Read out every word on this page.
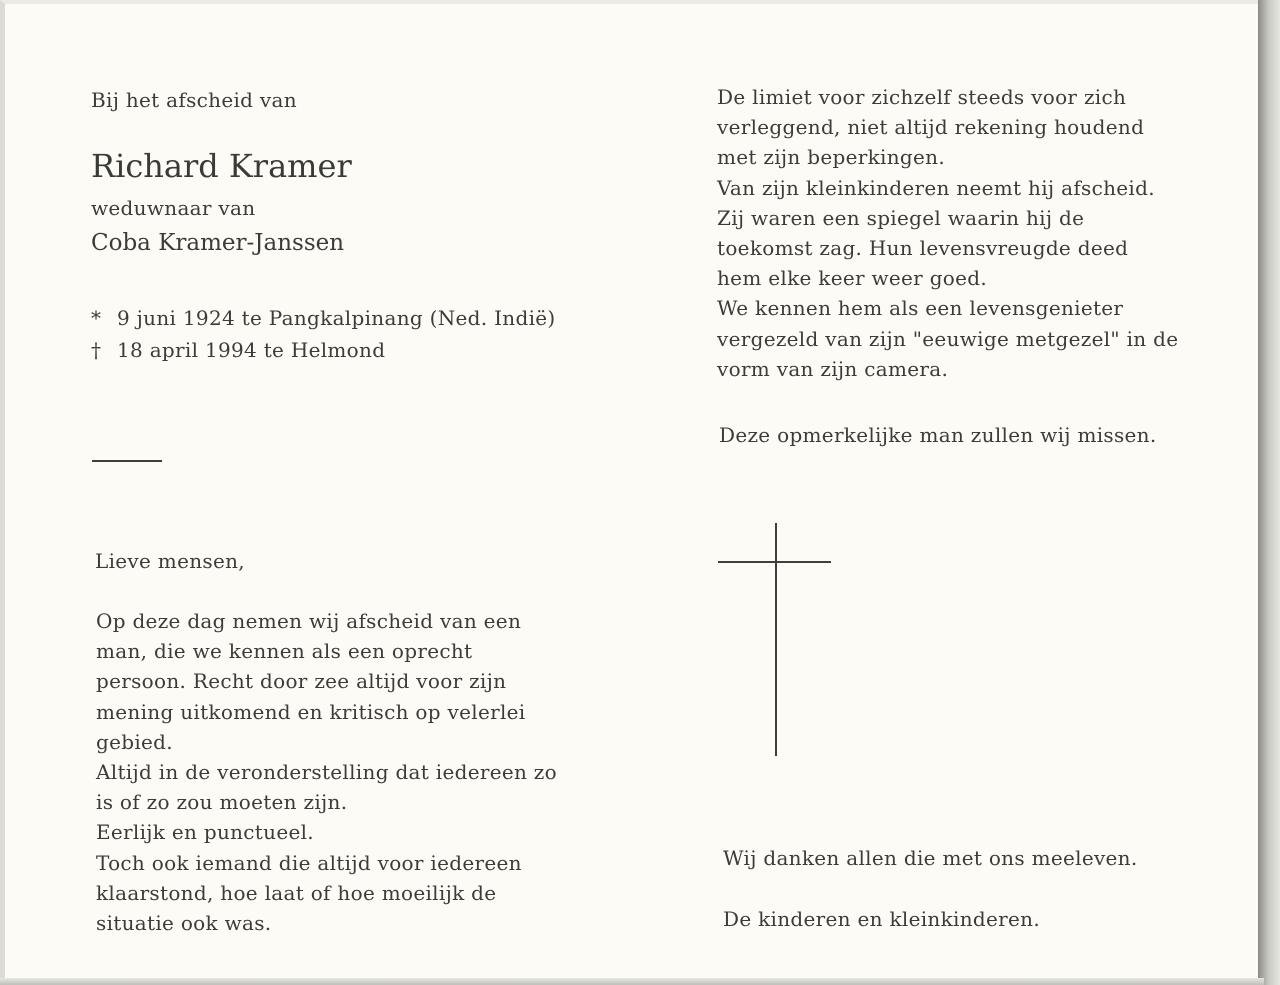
Bij het afscheid van
Richard Kramer
weduwnaar van
Coba Kramer-Janssen
* 9 juni 1924 te Pangkalpinang (Ned. Indië)
† 18 april 1994 te Helmond
Lieve mensen,
Op deze dag nemen wij afscheid van een
man, die we kennen als een oprecht
persoon. Recht door zee altijd voor zijn
mening uitkomend en kritisch op velerlei
gebied.
Altijd in de veronderstelling dat iedereen zo
is of zo zou moeten zijn.
Eerlijk en punctueel.
Toch ook iemand die altijd voor iedereen
klaarstond, hoe laat of hoe moeilijk de
situatie ook was.
De limiet voor zichzelf steeds voor zich
verleggend, niet altijd rekening houdend
met zijn beperkingen.
Van zijn kleinkinderen neemt hij afscheid.
Zij waren een spiegel waarin hij de
toekomst zag. Hun levensvreugde deed
hem elke keer weer goed.
We kennen hem als een levensgenieter
vergezeld van zijn "eeuwige metgezel" in de
vorm van zijn camera.
Deze opmerkelijke man zullen wij missen.
Wij danken allen die met ons meeleven.
De kinderen en kleinkinderen.
